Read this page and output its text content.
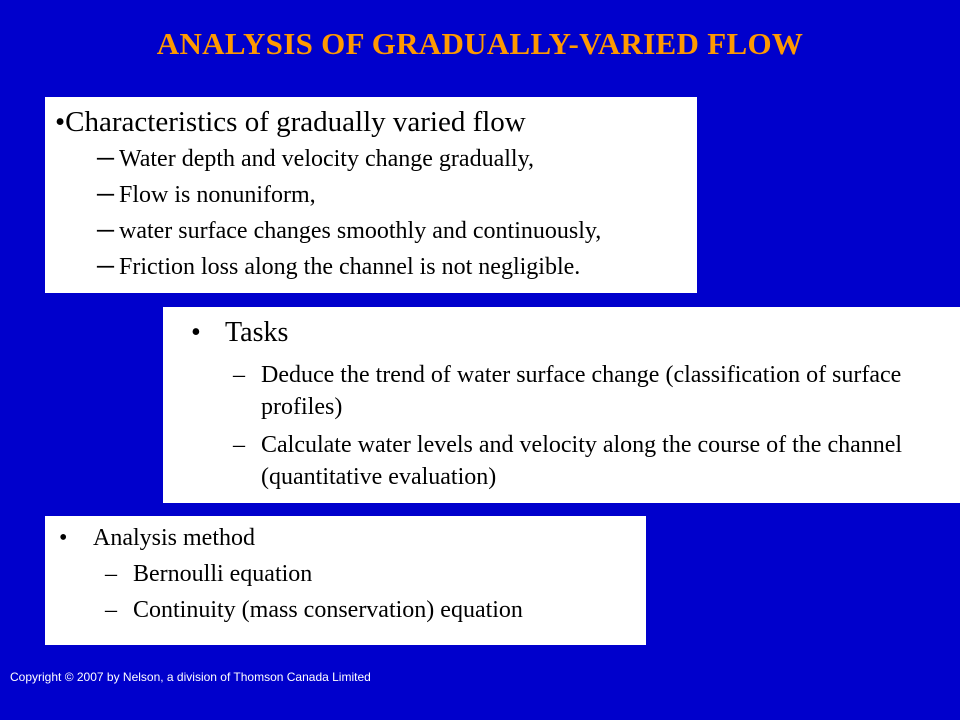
ANALYSIS OF GRADUALLY-VARIED FLOW
•Characteristics of gradually varied flow
─ Water depth and velocity change gradually,
─ Flow is nonuniform,
─ water surface changes smoothly and continuously,
─ Friction loss along the channel is not negligible.
• Tasks
– Deduce the trend of water surface change (classification of surface profiles)
– Calculate water levels and velocity along the course of the channel (quantitative evaluation)
• Analysis method
– Bernoulli equation
– Continuity (mass conservation) equation
Copyright © 2007 by Nelson, a division of Thomson Canada Limited
